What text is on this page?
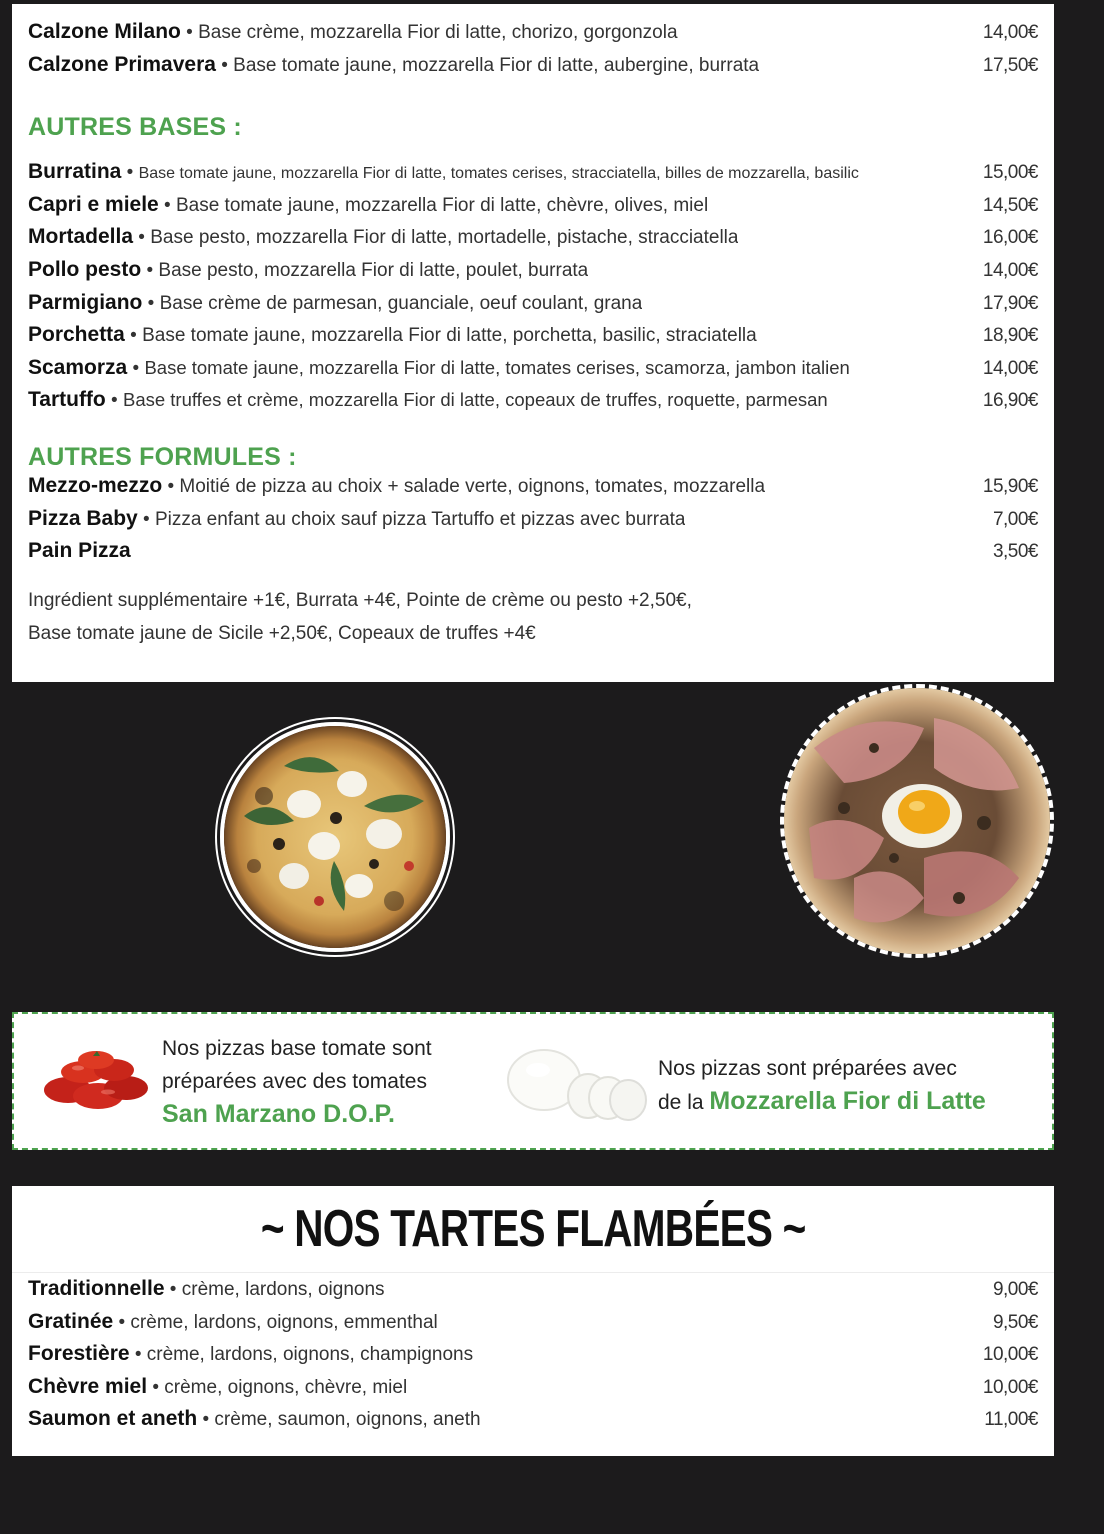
Calzone Milano • Base crème, mozzarella Fior di latte, chorizo, gorgonzola	14,00€
Calzone Primavera • Base tomate jaune, mozzarella Fior di latte, aubergine, burrata	17,50€
AUTRES BASES :
Burratina • Base tomate jaune, mozzarella Fior di latte, tomates cerises, stracciatella, billes de mozzarella, basilic	15,00€
Capri e miele • Base tomate jaune, mozzarella Fior di latte, chèvre, olives, miel	14,50€
Mortadella • Base pesto, mozzarella Fior di latte, mortadelle, pistache, stracciatella	16,00€
Pollo pesto • Base pesto, mozzarella Fior di latte, poulet, burrata	14,00€
Parmigiano • Base crème de parmesan, guanciale, oeuf coulant, grana	17,90€
Porchetta • Base tomate jaune, mozzarella Fior di latte, porchetta, basilic, straciatella	18,90€
Scamorza • Base tomate jaune, mozzarella Fior di latte, tomates cerises, scamorza, jambon italien	14,00€
Tartuffo • Base truffes et crème, mozzarella Fior di latte, copeaux de truffes, roquette, parmesan	16,90€
AUTRES FORMULES :
Mezzo-mezzo • Moitié de pizza au choix + salade verte, oignons, tomates, mozzarella	15,90€
Pizza Baby • Pizza enfant au choix sauf pizza Tartuffo et pizzas avec burrata	7,00€
Pain Pizza	3,50€
Ingrédient supplémentaire +1€, Burrata +4€, Pointe de crème ou pesto +2,50€,
Base tomate jaune de Sicile +2,50€, Copeaux de truffes +4€
Nos pizzas base tomate sont
préparées avec des tomates
San Marzano D.O.P.
Nos pizzas sont préparées avec
de la Mozzarella Fior di Latte
~ NOS TARTES FLAMBÉES ~
Traditionnelle • crème, lardons, oignons	9,00€
Gratinée • crème, lardons, oignons, emmenthal	9,50€
Forestière • crème, lardons, oignons, champignons	10,00€
Chèvre miel • crème, oignons, chèvre, miel	10,00€
Saumon et aneth • crème, saumon, oignons, aneth	11,00€
